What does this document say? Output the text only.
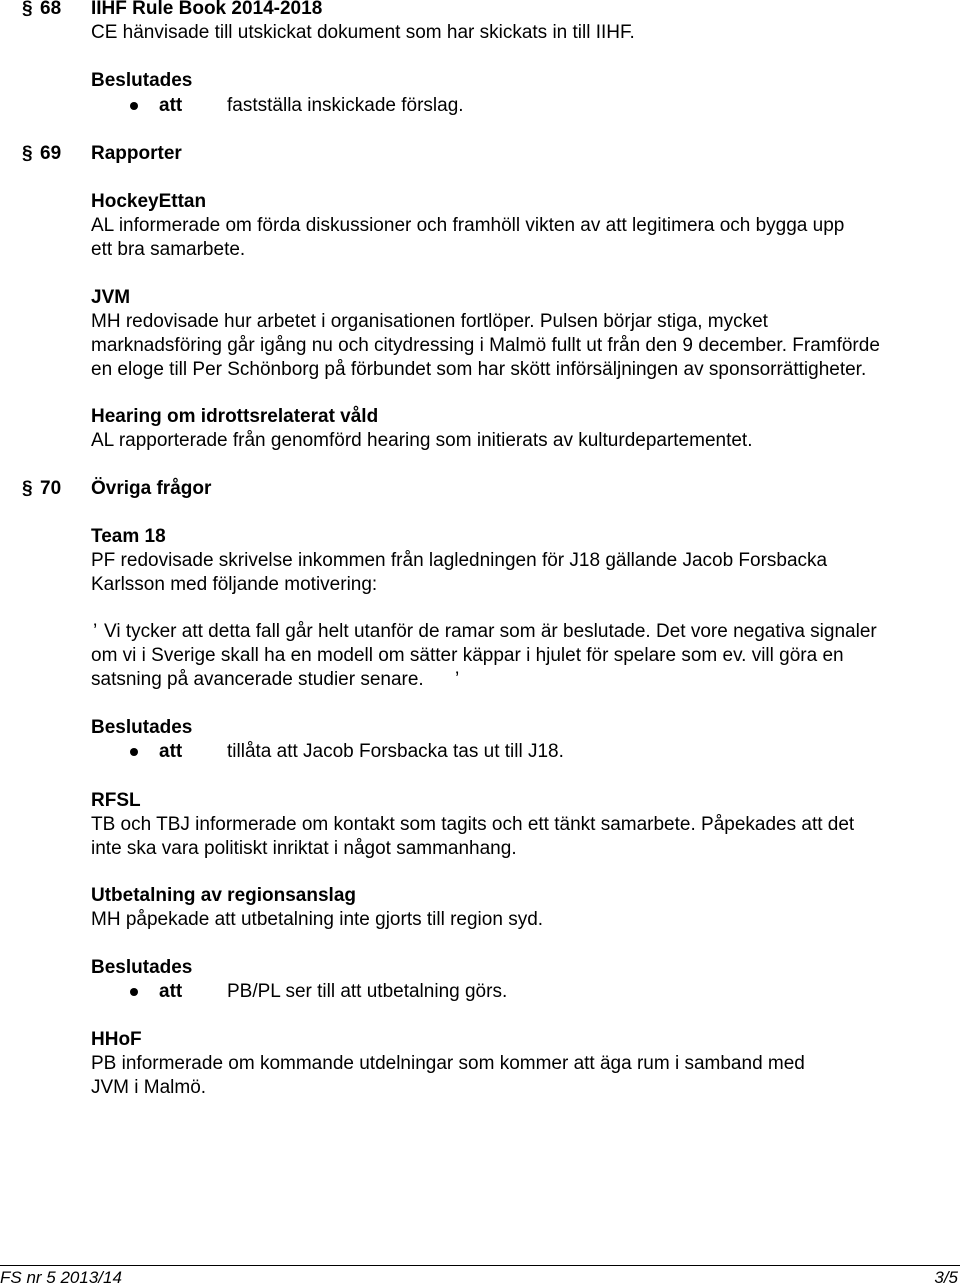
§ 68 IIHF Rule Book 2014-2018
CE hänvisade till utskickat dokument som har skickats in till IIHF.
Beslutades
att fastställa inskickade förslag.
§ 69 Rapporter
HockeyEttan
AL informerade om förda diskussioner och framhöll vikten av att legitimera och bygga upp
ett bra samarbete.
JVM
MH redovisade hur arbetet i organisationen fortlöper. Pulsen börjar stiga, mycket
marknadsföring går igång nu och citydressing i Malmö fullt ut från den 9 december. Framförde
en eloge till Per Schönborg på förbundet som har skött införsäljningen av sponsorrättigheter.
Hearing om idrottsrelaterat våld
AL rapporterade från genomförd hearing som initierats av kulturdepartementet.
§ 70 Övriga frågor
Team 18
PF redovisade skrivelse inkommen från lagledningen för J18 gällande Jacob Forsbacka
Karlsson med följande motivering:
’ Vi tycker att detta fall går helt utanför de ramar som är beslutade. Det vore negativa signaler
om vi i Sverige skall ha en modell om sätter käppar i hjulet för spelare som ev. vill göra en
satsning på avancerade studier senare. ’
Beslutades
att tillåta att Jacob Forsbacka tas ut till J18.
RFSL
TB och TBJ informerade om kontakt som tagits och ett tänkt samarbete. Påpekades att det
inte ska vara politiskt inriktat i något sammanhang.
Utbetalning av regionsanslag
MH påpekade att utbetalning inte gjorts till region syd.
Beslutades
att PB/PL ser till att utbetalning görs.
HHoF
PB informerade om kommande utdelningar som kommer att äga rum i samband med
JVM i Malmö.
FS nr 5 2013/14	3/5
